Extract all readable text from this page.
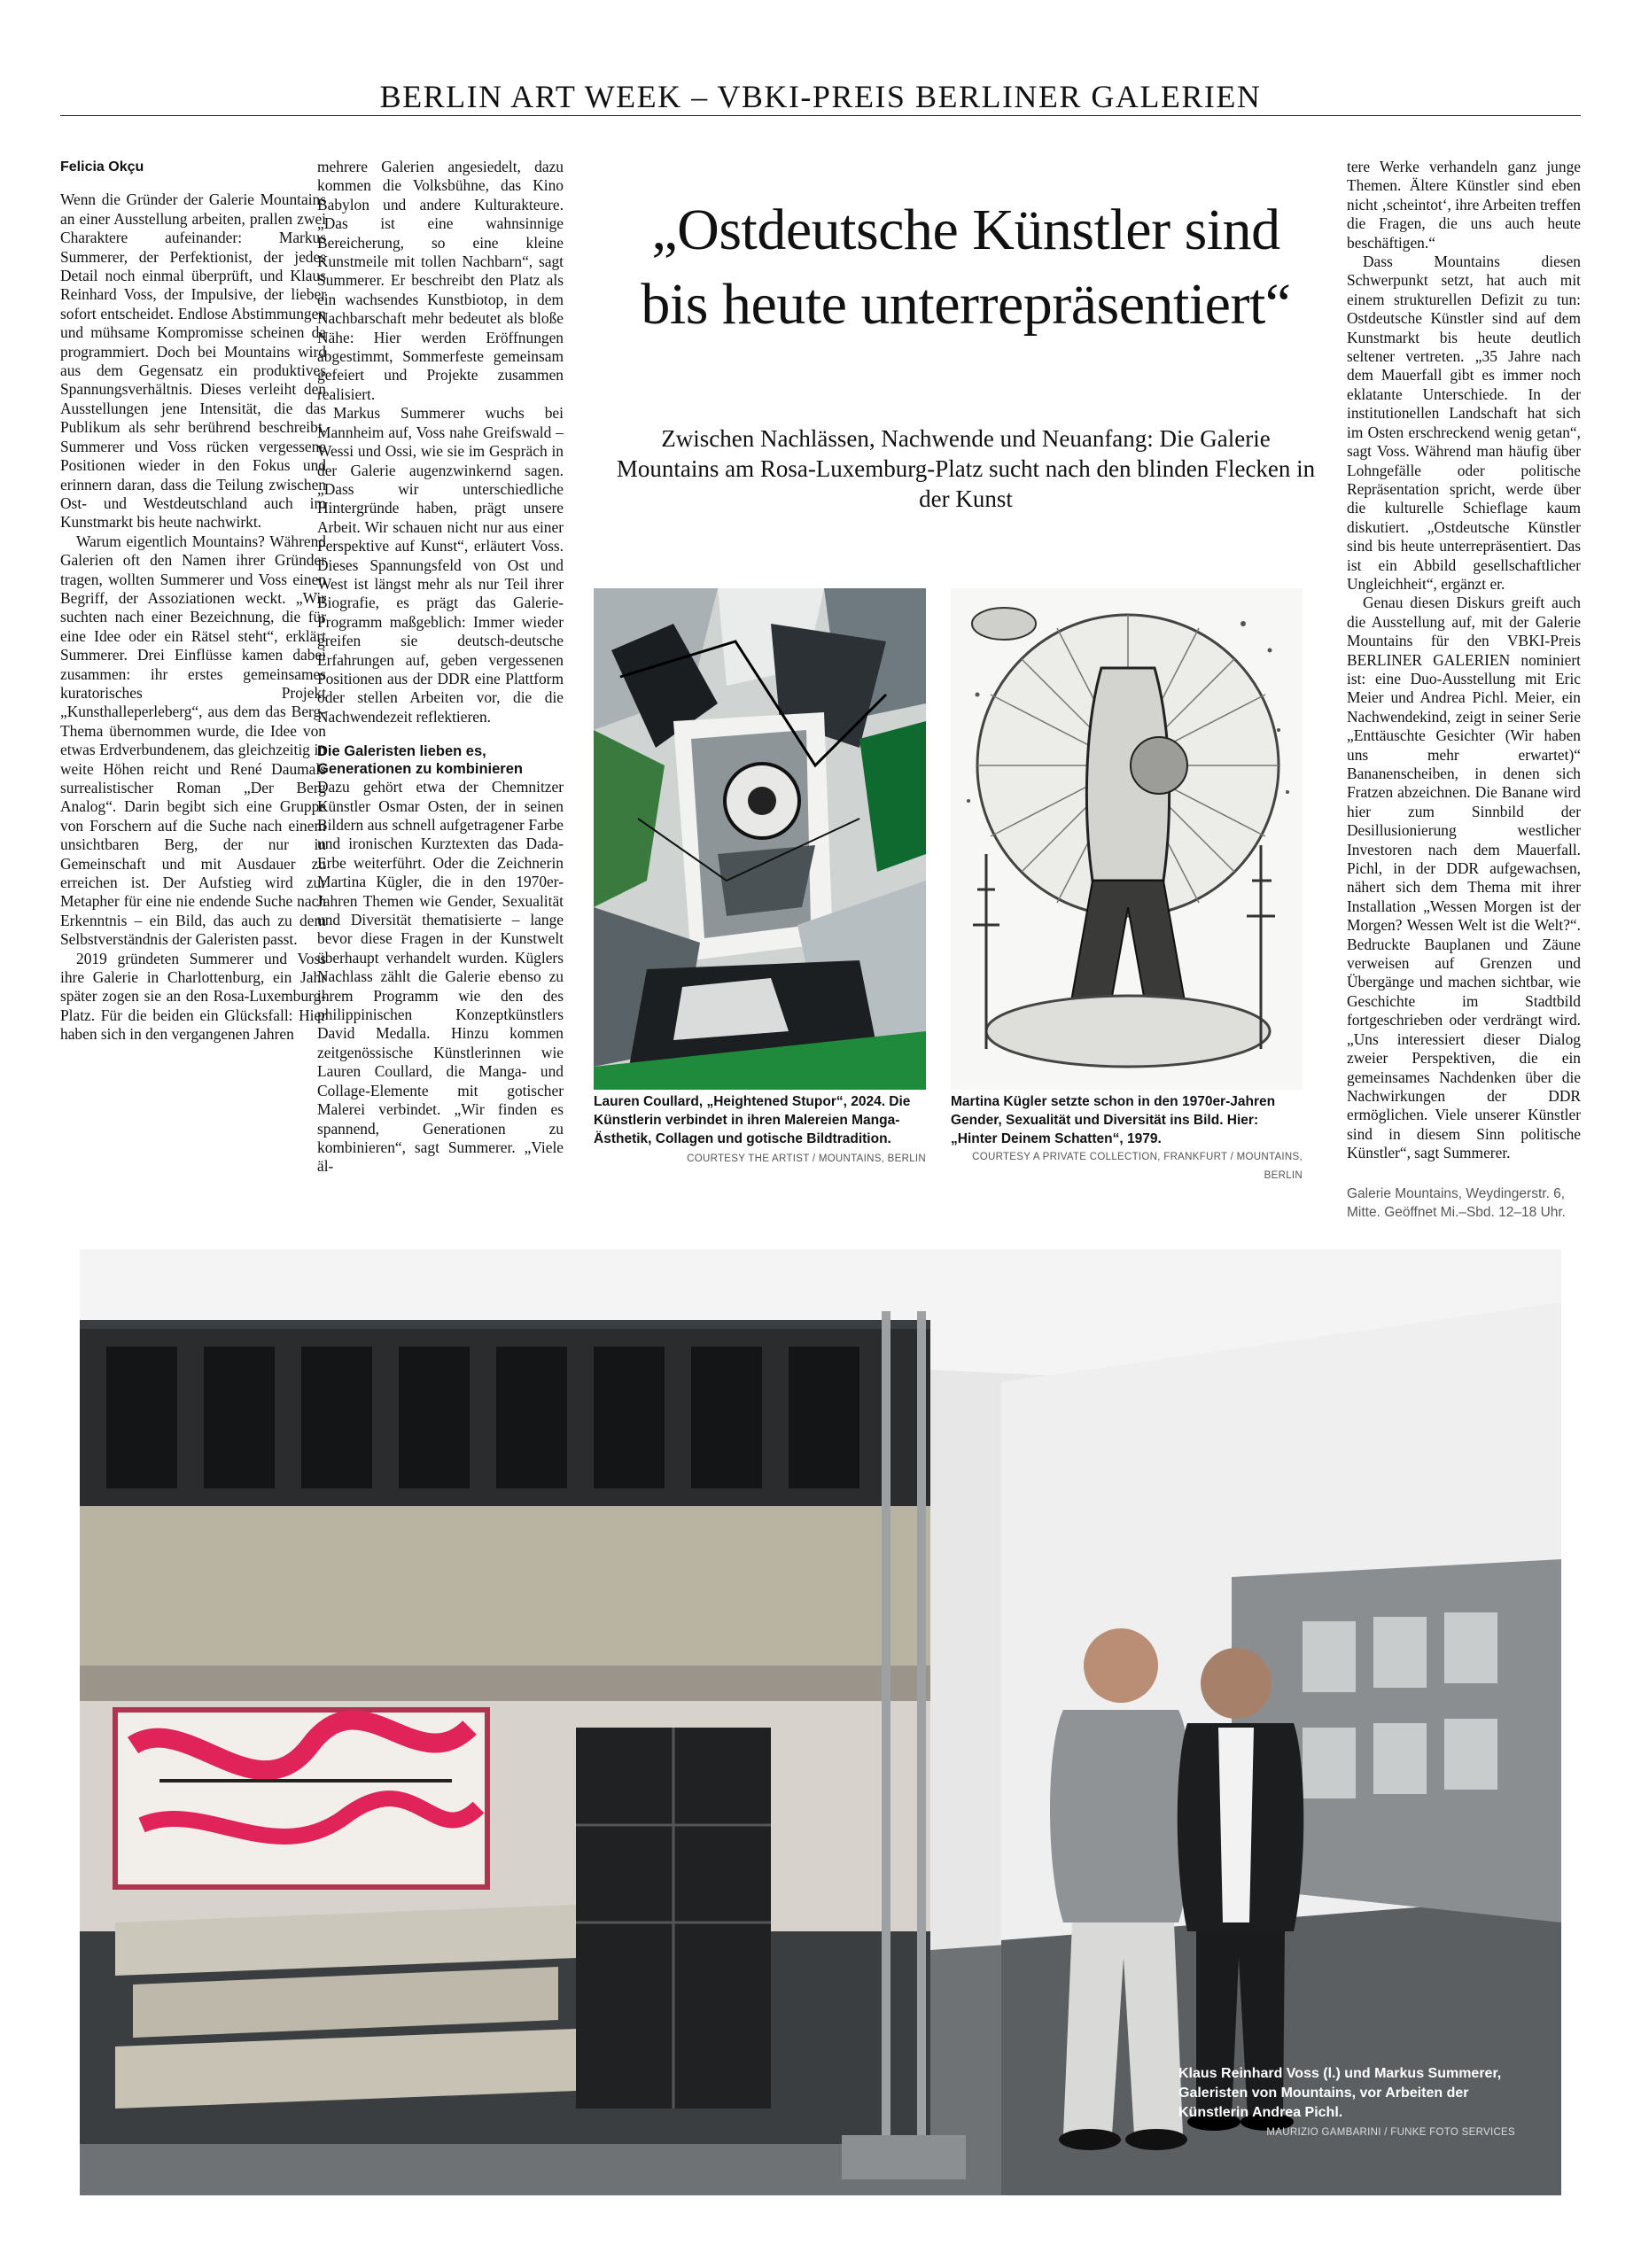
BERLIN ART WEEK – VBKI-PREIS BERLINER GALERIEN
Felicia Okçu

Wenn die Gründer der Galerie Mountains an einer Ausstellung arbeiten, prallen zwei Charaktere aufeinander: Markus Summerer, der Perfektionist, der jedes Detail noch einmal überprüft, und Klaus Reinhard Voss, der Impulsive, der lieber sofort entscheidet. Endlose Abstimmungen und mühsame Kompromisse scheinen da programmiert. Doch bei Mountains wird aus dem Gegensatz ein produktives Spannungsverhältnis. Dieses verleiht den Ausstellungen jene Intensität, die das Publikum als sehr berührend beschreibt. Summerer und Voss rücken vergessene Positionen wieder in den Fokus und erinnern daran, dass die Teilung zwischen Ost- und Westdeutschland auch im Kunstmarkt bis heute nachwirkt.

Warum eigentlich Mountains? Während Galerien oft den Namen ihrer Gründer tragen, wollten Summerer und Voss einen Begriff, der Assoziationen weckt. „Wir suchten nach einer Bezeichnung, die für eine Idee oder ein Rätsel steht“, erklärt Summerer. Drei Einflüsse kamen dabei zusammen: ihr erstes gemeinsames kuratorisches Projekt „Kunsthalleperleberg“, aus dem das Berg-Thema übernommen wurde, die Idee von etwas Erdverbundenem, das gleichzeitig in weite Höhen reicht und René Daumals surrealistischer Roman „Der Berg Analog“. Darin begibt sich eine Gruppe von Forschern auf die Suche nach einem unsichtbaren Berg, der nur in Gemeinschaft und mit Ausdauer zu erreichen ist. Der Aufstieg wird zur Metapher für eine nie endende Suche nach Erkenntnis – ein Bild, das auch zu dem Selbstverständnis der Galeristen passt.

2019 gründeten Summerer und Voss ihre Galerie in Charlottenburg, ein Jahr später zogen sie an den Rosa-Luxemburg-Platz. Für die beiden ein Glücksfall: Hier haben sich in den vergangenen Jahren

mehrere Galerien angesiedelt, dazu kommen die Volksbühne, das Kino Babylon und andere Kulturakteure. „Das ist eine wahnsinnige Bereicherung, so eine kleine Kunstmeile mit tollen Nachbarn“, sagt Summerer. Er beschreibt den Platz als ein wachsendes Kunstbiotop, in dem Nachbarschaft mehr bedeutet als bloße Nähe: Hier werden Eröffnungen abgestimmt, Sommerfeste gemeinsam gefeiert und Projekte zusammen realisiert.

Markus Summerer wuchs bei Mannheim auf, Voss nahe Greifswald – Wessi und Ossi, wie sie im Gespräch in der Galerie augenzwinkernd sagen. „Dass wir unterschiedliche Hintergründe haben, prägt unsere Arbeit. Wir schauen nicht nur aus einer Perspektive auf Kunst“, erläutert Voss. Dieses Spannungsfeld von Ost und West ist längst mehr als nur Teil ihrer Biografie, es prägt das Galerie-Programm maßgeblich: Immer wieder greifen sie deutsch-deutsche Erfahrungen auf, geben vergessenen Positionen aus der DDR eine Plattform oder stellen Arbeiten vor, die die Nachwendezeit reflektieren.

Die Galeristen lieben es, Generationen zu kombinieren

Dazu gehört etwa der Chemnitzer Künstler Osmar Osten, der in seinen Bildern aus schnell aufgetragener Farbe und ironischen Kurztexten das Dada-Erbe weiterführt. Oder die Zeichnerin Martina Kügler, die in den 1970er-Jahren Themen wie Gender, Sexualität und Diversität thematisierte – lange bevor diese Fragen in der Kunstwelt überhaupt verhandelt wurden. Küglers Nachlass zählt die Galerie ebenso zu ihrem Programm wie den des philippinischen Konzeptkünstlers David Medalla. Hinzu kommen zeitgenössische Künstlerinnen wie Lauren Coullard, die Manga- und Collage-Elemente mit gotischer Malerei verbindet. „Wir finden es spannend, Generationen zu kombinieren“, sagt Summerer. „Viele äl-

„Ostdeutsche Künstler sind bis heute unterrepräsentiert“

Zwischen Nachlässen, Nachwende und Neuanfang: Die Galerie Mountains am Rosa-Luxemburg-Platz sucht nach den blinden Flecken in der Kunst

Lauren Coullard, „Heightened Stupor“, 2024. Die Künstlerin verbindet in ihren Malereien Manga-Ästhetik, Collagen und gotische Bildtradition.
COURTESY THE ARTIST / MOUNTAINS, BERLIN
Martina Kügler setzte schon in den 1970er-Jahren Gender, Sexualität und Diversität ins Bild. Hier: „Hinter Deinem Schatten“, 1979.
COURTESY A PRIVATE COLLECTION, FRANKFURT / MOUNTAINS, BERLIN

tere Werke verhandeln ganz junge Themen. Ältere Künstler sind eben nicht ‚scheintot‘, ihre Arbeiten treffen die Fragen, die uns auch heute beschäftigen.“

Dass Mountains diesen Schwerpunkt setzt, hat auch mit einem strukturellen Defizit zu tun: Ostdeutsche Künstler sind auf dem Kunstmarkt bis heute deutlich seltener vertreten. „35 Jahre nach dem Mauerfall gibt es immer noch eklatante Unterschiede. In der institutionellen Landschaft hat sich im Osten erschreckend wenig getan“, sagt Voss. Während man häufig über Lohngefälle oder politische Repräsentation spricht, werde über die kulturelle Schieflage kaum diskutiert. „Ostdeutsche Künstler sind bis heute unterrepräsentiert. Das ist ein Abbild gesellschaftlicher Ungleichheit“, ergänzt er.

Genau diesen Diskurs greift auch die Ausstellung auf, mit der Galerie Mountains für den VBKI-Preis BERLINER GALERIEN nominiert ist: eine Duo-Ausstellung mit Eric Meier und Andrea Pichl. Meier, ein Nachwendekind, zeigt in seiner Serie „Enttäuschte Gesichter (Wir haben uns mehr erwartet)“ Bananenscheiben, in denen sich Fratzen abzeichnen. Die Banane wird hier zum Sinnbild der Desillusionierung westlicher Investoren nach dem Mauerfall. Pichl, in der DDR aufgewachsen, nähert sich dem Thema mit ihrer Installation „Wessen Morgen ist der Morgen? Wessen Welt ist die Welt?“. Bedruckte Bauplanen und Zäune verweisen auf Grenzen und Übergänge und machen sichtbar, wie Geschichte im Stadtbild fortgeschrieben oder verdrängt wird. „Uns interessiert dieser Dialog zweier Perspektiven, die ein gemeinsames Nachdenken über die Nachwirkungen der DDR ermöglichen. Viele unserer Künstler sind in diesem Sinn politische Künstler“, sagt Summerer.

Galerie Mountains, Weydingerstr. 6, Mitte. Geöffnet Mi.–Sbd. 12–18 Uhr.
Klaus Reinhard Voss (l.) und Markus Summerer, Galeristen von Mountains, vor Arbeiten der Künstlerin Andrea Pichl.
MAURIZIO GAMBARINI / FUNKE FOTO SERVICES
